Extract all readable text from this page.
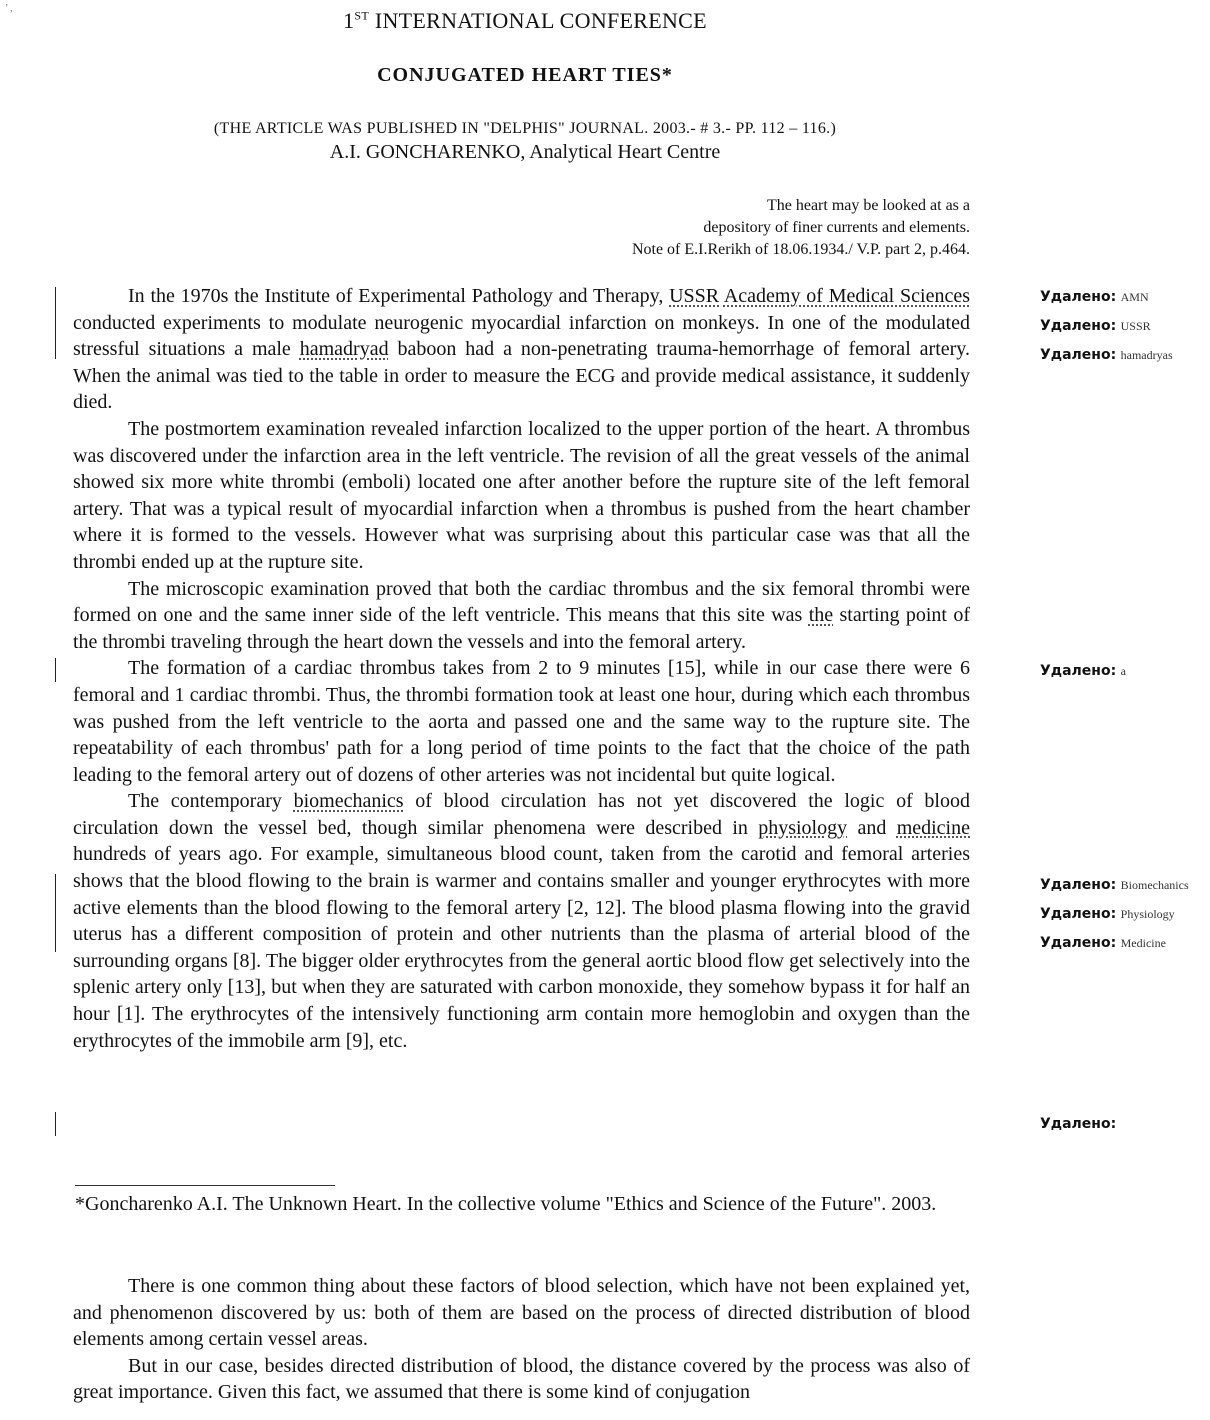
’ ,	1ST INTERNATIONAL CONFERENCE
CONJUGATED HEART TIES*
(THE ARTICLE WAS PUBLISHED IN "DELPHIS" JOURNAL. 2003.- # 3.- PP. 112 – 116.)
A.I. GONCHARENKO, Analytical Heart Centre
The heart may be looked at as a
depository of finer currents and elements.
Note of E.I.Rerikh of 18.06.1934./ V.P. part 2, p.464.

In the 1970s the Institute of Experimental Pathology and Therapy, USSR Academy of Medical Sciences conducted experiments to modulate neurogenic myocardial infarction on monkeys. In one of the modulated stressful situations a male hamadryad baboon had a non-penetrating trauma-hemorrhage of femoral artery. When the animal was tied to the table in order to measure the ECG and provide medical assistance, it suddenly died.

The postmortem examination revealed infarction localized to the upper portion of the heart. A thrombus was discovered under the infarction area in the left ventricle. The revision of all the great vessels of the animal showed six more white thrombi (emboli) located one after another before the rupture site of the left femoral artery. That was a typical result of myocardial infarction when a thrombus is pushed from the heart chamber where it is formed to the vessels. However what was surprising about this particular case was that all the thrombi ended up at the rupture site.

The microscopic examination proved that both the cardiac thrombus and the six femoral thrombi were formed on one and the same inner side of the left ventricle. This means that this site was the starting point of the thrombi traveling through the heart down the vessels and into the femoral artery.

The formation of a cardiac thrombus takes from 2 to 9 minutes [15], while in our case there were 6 femoral and 1 cardiac thrombi. Thus, the thrombi formation took at least one hour, during which each thrombus was pushed from the left ventricle to the aorta and passed one and the same way to the rupture site. The repeatability of each thrombus' path for a long period of time points to the fact that the choice of the path leading to the femoral artery out of dozens of other arteries was not incidental but quite logical.

The contemporary biomechanics of blood circulation has not yet discovered the logic of blood circulation down the vessel bed, though similar phenomena were described in physiology and medicine hundreds of years ago. For example, simultaneous blood count, taken from the carotid and femoral arteries shows that the blood flowing to the brain is warmer and contains smaller and younger erythrocytes with more active elements than the blood flowing to the femoral artery [2, 12]. The blood plasma flowing into the gravid uterus has a different composition of protein and other nutrients than the plasma of arterial blood of the surrounding organs [8]. The bigger older erythrocytes from the general aortic blood flow get selectively into the splenic artery only [13], but when they are saturated with carbon monoxide, they somehow bypass it for half an hour [1]. The erythrocytes of the intensively functioning arm contain more hemoglobin and oxygen than the erythrocytes of the immobile arm [9], etc.

Удалено: AMN
Удалено: USSR
Удалено: hamadryas
Удалено: a
Удалено: Biomechanics
Удалено: Physiology
Удалено: Medicine
Удалено:
*Goncharenko A.I. The Unknown Heart. In the collective volume "Ethics and Science of the Future". 2003.

There is one common thing about these factors of blood selection, which have not been explained yet, and phenomenon discovered by us: both of them are based on the process of directed distribution of blood elements among certain vessel areas.

But in our case, besides directed distribution of blood, the distance covered by the process was also of great importance. Given this fact, we assumed that there is some kind of conjugation
